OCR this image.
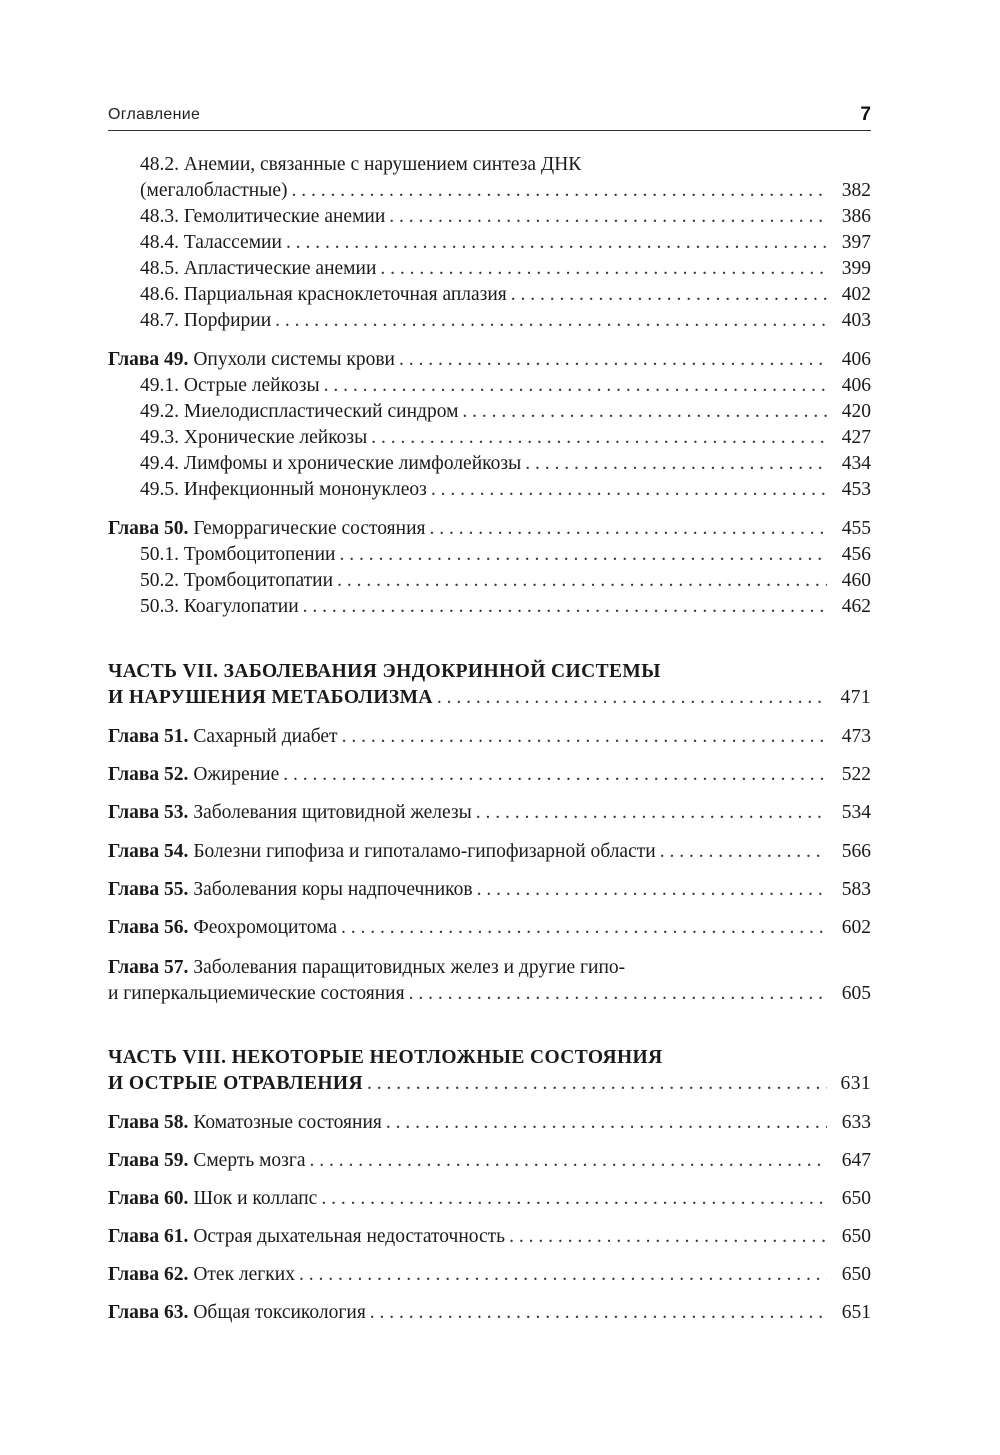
Оглавление	7
48.2. Анемии, связанные с нарушением синтеза ДНК
(мегалобластные) . . .	382
48.3. Гемолитические анемии . . .	386
48.4. Талассемии . . .	397
48.5. Апластические анемии . . .	399
48.6. Парциальная красноклеточная аплазия . . .	402
48.7. Порфирии . . .	403
Глава 49. Опухоли системы крови . . .	406
49.1. Острые лейкозы . . .	406
49.2. Миелодиспластический синдром . . .	420
49.3. Хронические лейкозы . . .	427
49.4. Лимфомы и хронические лимфолейкозы . . .	434
49.5. Инфекционный мононуклеоз . . .	453
Глава 50. Геморрагические состояния . . .	455
50.1. Тромбоцитопении . . .	456
50.2. Тромбоцитопатии . . .	460
50.3. Коагулопатии . . .	462
ЧАСТЬ VII. ЗАБОЛЕВАНИЯ ЭНДОКРИННОЙ СИСТЕМЫ
И НАРУШЕНИЯ МЕТАБОЛИЗМА . . .	471
Глава 51. Сахарный диабет . . .	473
Глава 52. Ожирение . . .	522
Глава 53. Заболевания щитовидной железы . . .	534
Глава 54. Болезни гипофиза и гипоталамо-гипофизарной области . . .	566
Глава 55. Заболевания коры надпочечников . . .	583
Глава 56. Феохромоцитома . . .	602
Глава 57. Заболевания паращитовидных желез и другие гипо-
и гиперкальциемические состояния . . .	605
ЧАСТЬ VIII. НЕКОТОРЫЕ НЕОТЛОЖНЫЕ СОСТОЯНИЯ
И ОСТРЫЕ ОТРАВЛЕНИЯ . . .	631
Глава 58. Коматозные состояния . . .	633
Глава 59. Смерть мозга . . .	647
Глава 60. Шок и коллапс . . .	650
Глава 61. Острая дыхательная недостаточность . . .	650
Глава 62. Отек легких . . .	650
Глава 63. Общая токсикология . . .	651
